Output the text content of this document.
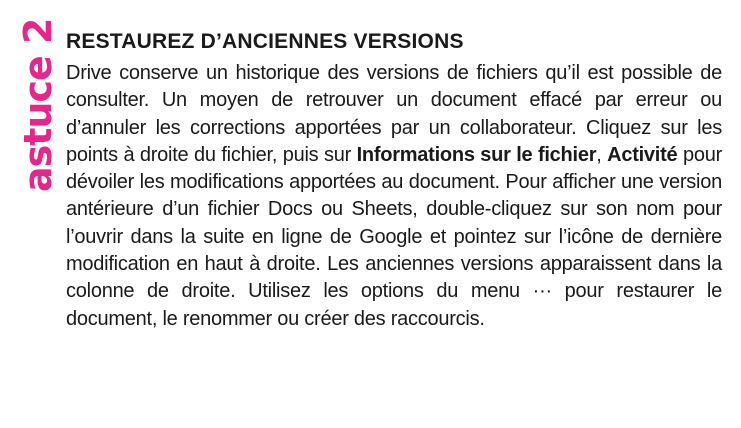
astuce 2 RESTAUREZ D’ANCIENNES VERSIONS

Drive conserve un historique des versions de fichiers qu’il est possible de consulter. Un moyen de retrouver un document effacé par erreur ou d’annuler les corrections apportées par un collaborateur. Cliquez sur les points à droite du fichier, puis sur Informations sur le fichier, Activité pour dévoiler les modifications apportées au document. Pour afficher une version antérieure d’un fichier Docs ou Sheets, double-cliquez sur son nom pour l’ouvrir dans la suite en ligne de Google et pointez sur l’icône de dernière modification en haut à droite. Les anciennes versions apparaissent dans la colonne de droite. Utilisez les options du menu ··· pour restaurer le document, le renommer ou créer des raccourcis.
